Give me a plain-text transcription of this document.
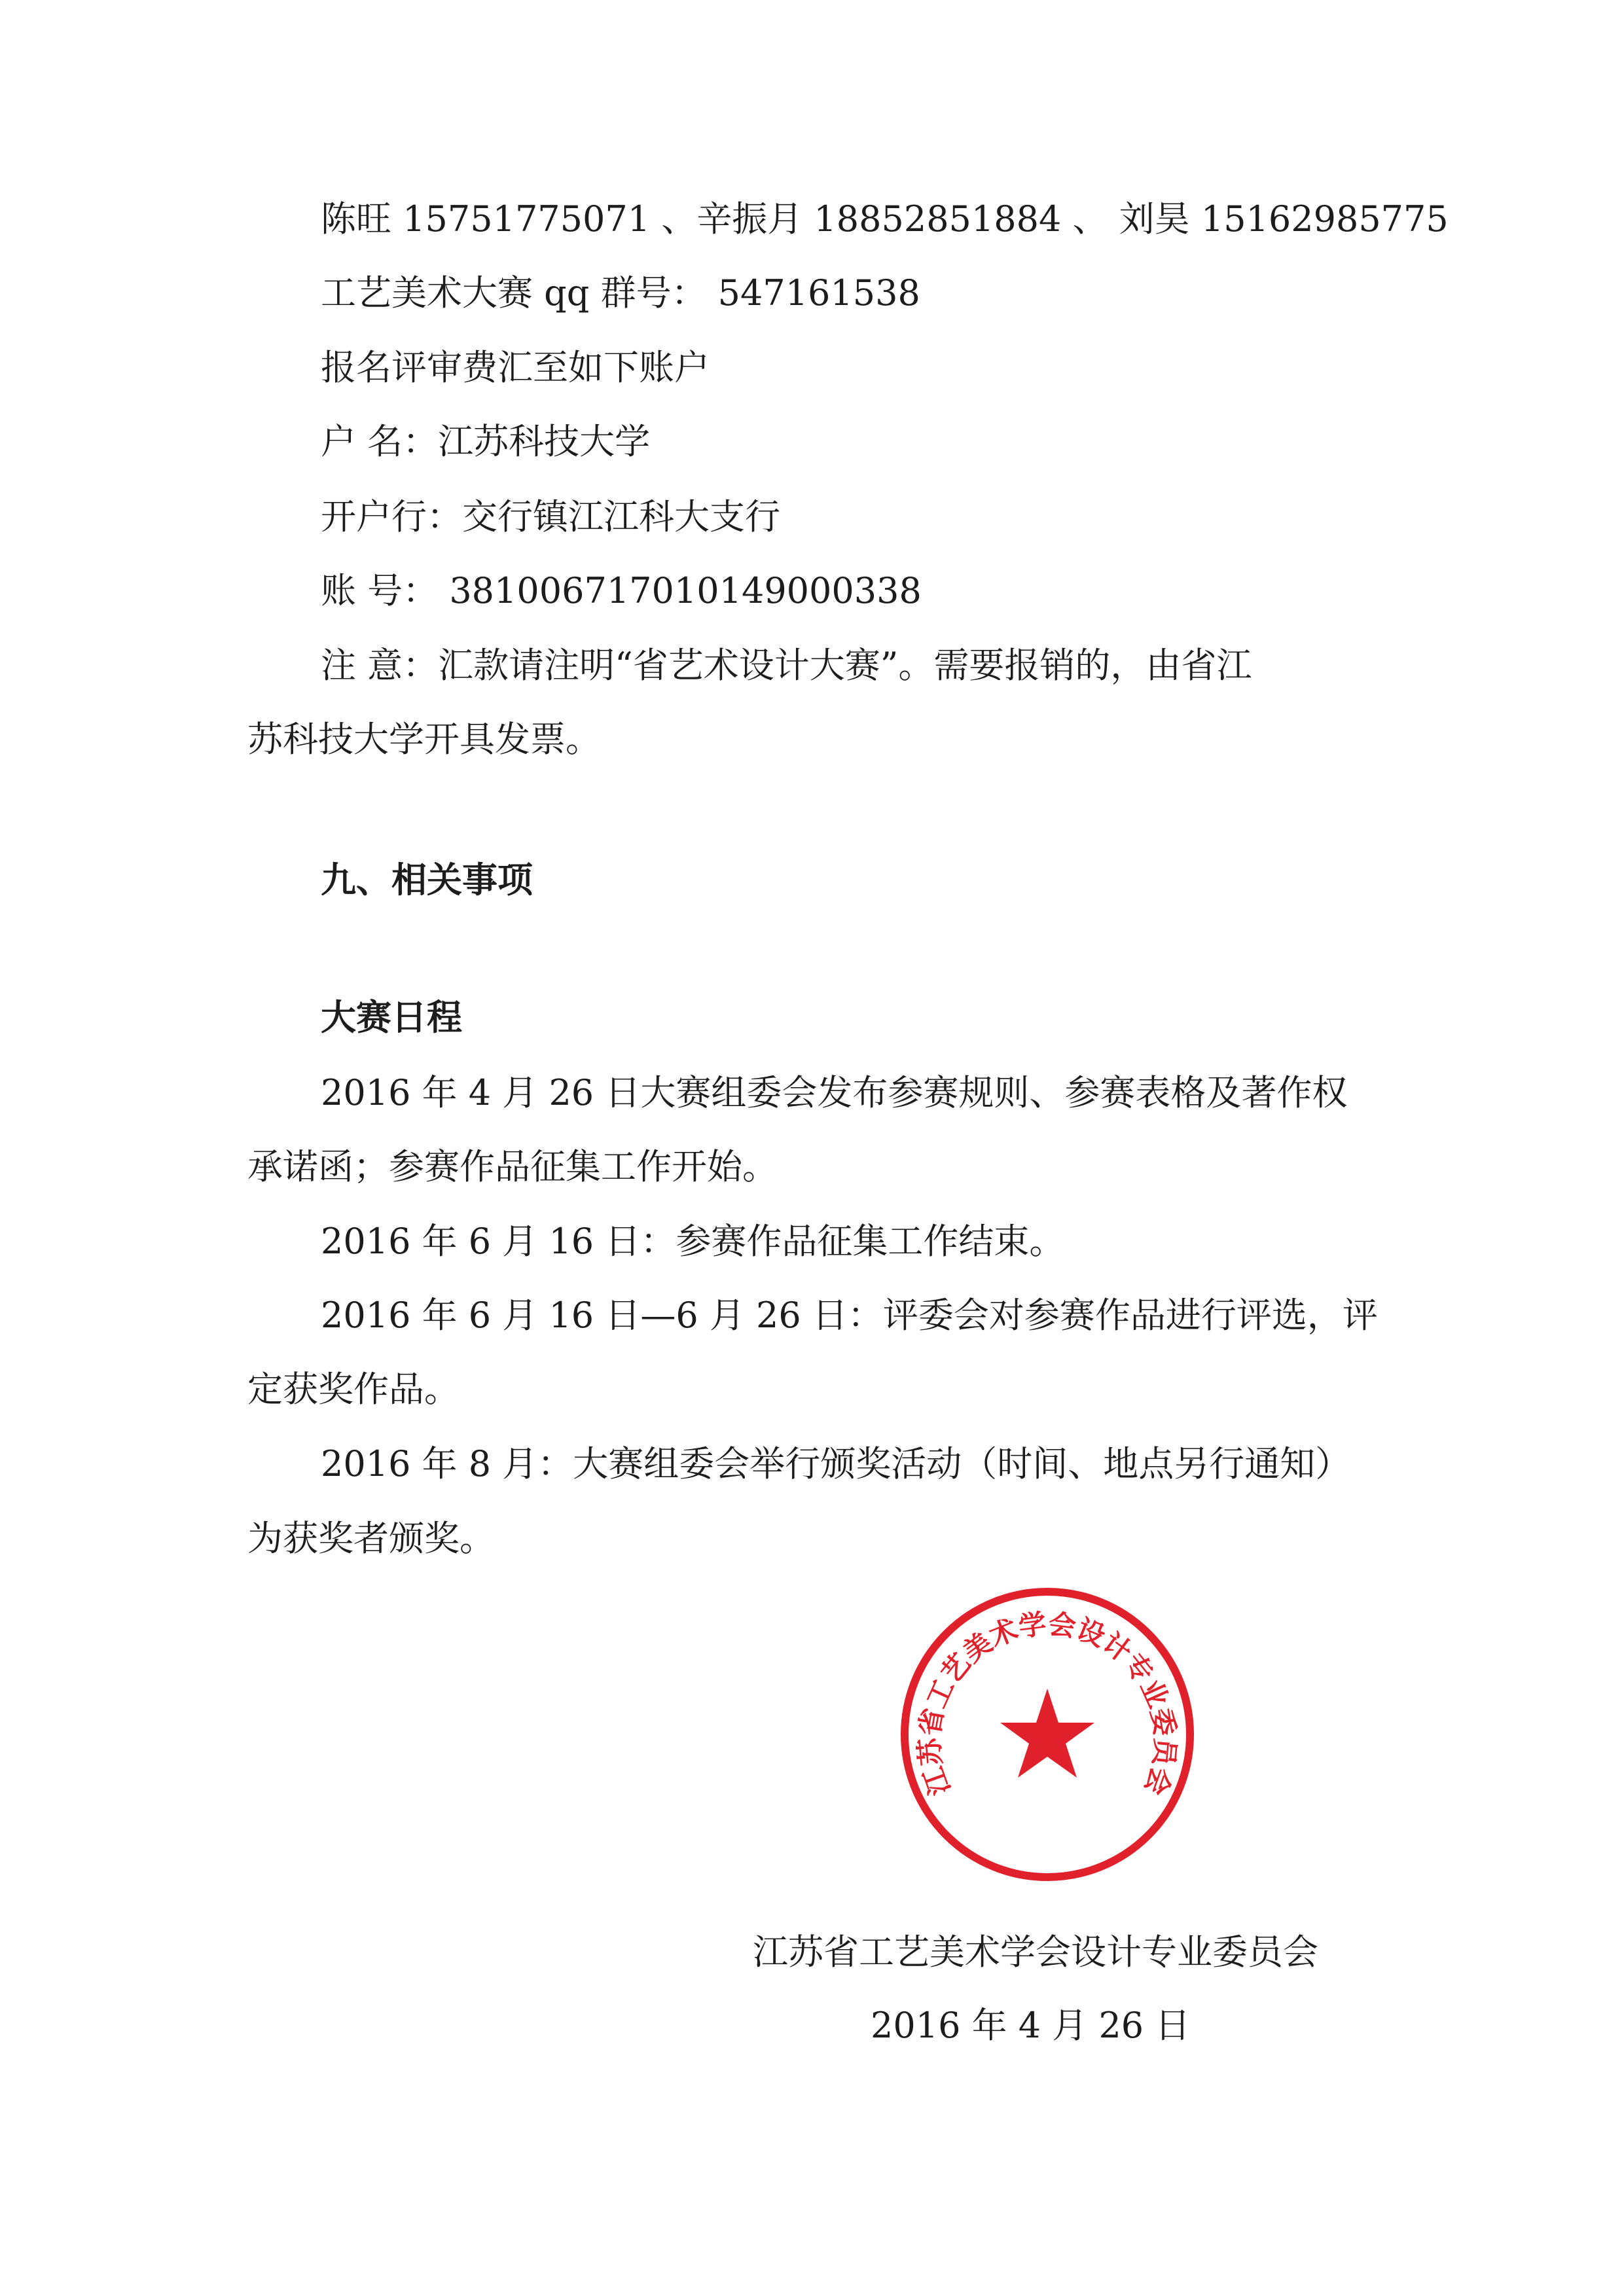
陈旺 15751775071 、辛振月 18852851884 、 刘昊 15162985775

工艺美术大赛 qq 群号： 547161538

报名评审费汇至如下账户

户 名：江苏科技大学

开户行：交行镇江江科大支行

账 号： 381006717010149000338

注 意：汇款请注明“省艺术设计大赛”。需要报销的，由省江

苏科技大学开具发票。

九、相关事项

大赛日程

2016 年 4 月 26 日大赛组委会发布参赛规则、参赛表格及著作权

承诺函；参赛作品征集工作开始。

2016 年 6 月 16 日：参赛作品征集工作结束。

2016 年 6 月 16 日—6 月 26 日：评委会对参赛作品进行评选，评

定获奖作品。

2016 年 8 月：大赛组委会举行颁奖活动（时间、地点另行通知）

为获奖者颁奖。

江苏省工艺美术学会设计专业委员会

江苏省工艺美术学会设计专业委员会

2016 年 4 月 26 日
